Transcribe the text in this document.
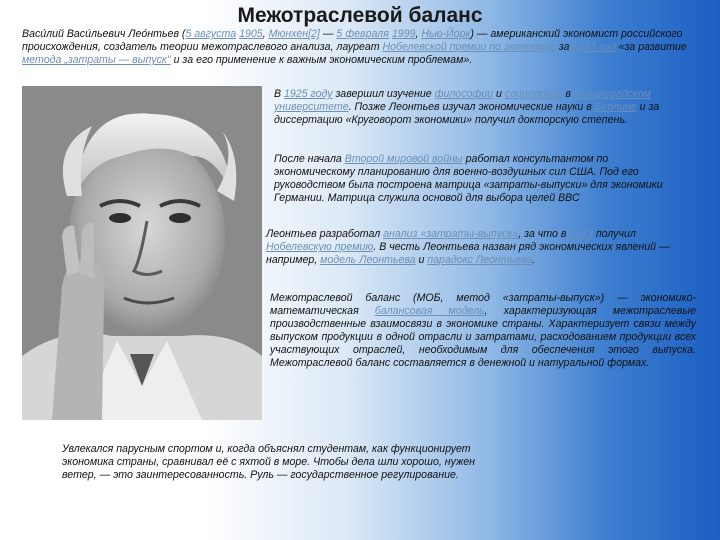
Межотраслевой баланс

Васи́лий Васи́льевич Лео́нтьев (5 августа 1905, Мюнхен[2] — 5 февраля 1999, Нью-Йорк) — американский экономист российского происхождения, создатель теории межотраслевого анализа, лауреат Нобелевской премии по экономике за 1973 год «за развитие метода „затраты — выпуск" и за его применение к важным экономическим проблемам».

В 1925 году завершил изучение философии и социологии в Ленинградском университете. Позже Леонтьев изучал экономические науки в Берлине и за диссертацию «Круговорот экономики» получил докторскую степень.

После начала Второй мировой войны работал консультантом по экономическому планированию для военно-воздушных сил США. Под его руководством была построена матрица «затраты-выпуски» для экономики Германии. Матрица служила основой для выбора целей ВВС

Леонтьев разработал анализ «затраты-выпуск», за что в 1973 получил Нобелевскую премию. В честь Леонтьева назван ряд экономических явлений — например, модель Леонтьева и парадокс Леонтьева.

Межотраслевой баланс (МОБ, метод «затраты-выпуск») — экономико-математическая балансовая модель, характеризующая межотраслевые производственные взаимосвязи в экономике страны. Характеризует связи между выпуском продукции в одной отрасли и затратами, расходованием продукции всех участвующих отраслей, необходимым для обеспечения этого выпуска. Межотраслевой баланс составляется в денежной и натуральной формах.

Увлекался парусным спортом и, когда объяснял студентам, как функционирует экономика страны, сравнивал её с яхтой в море. Чтобы дела шли хорошо, нужен ветер, — это заинтересованность. Руль — государственное регулирование.
